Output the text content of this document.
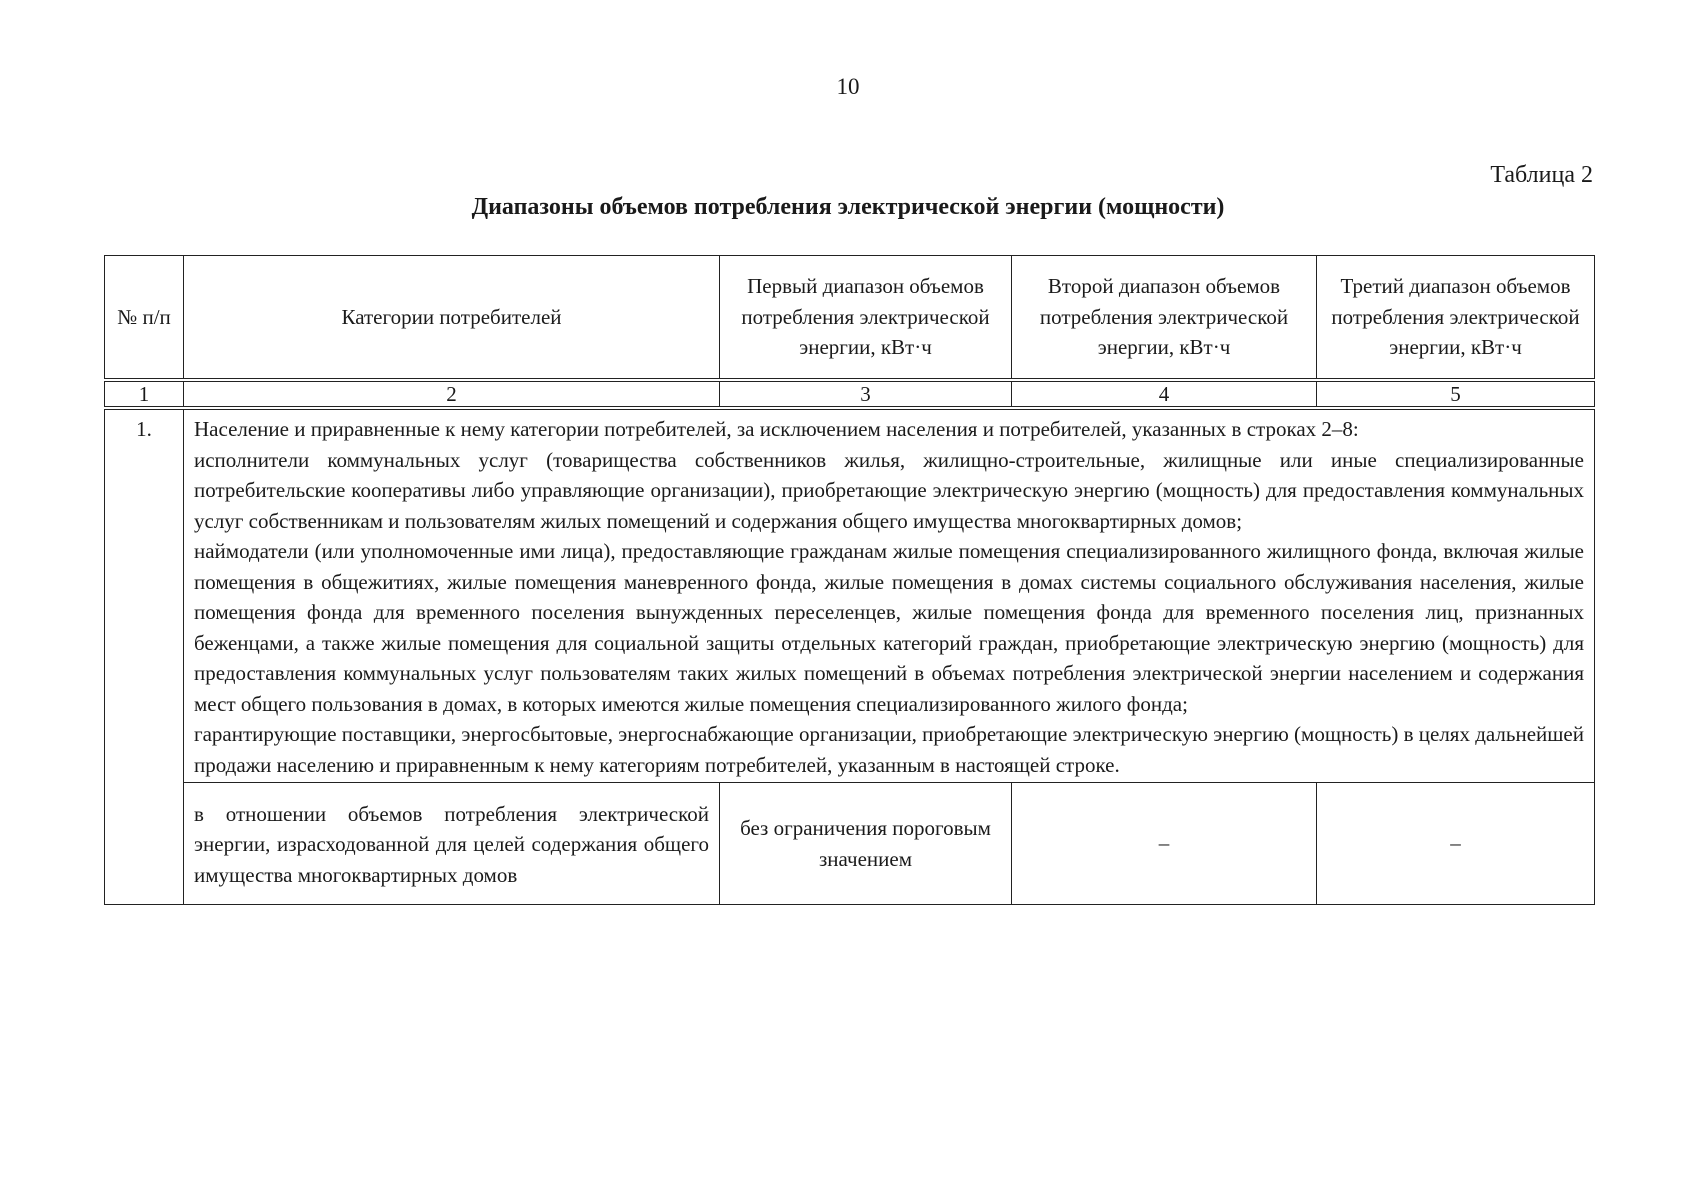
10
Таблица 2
Диапазоны объемов потребления электрической энергии (мощности)
№ п/п	Категории потребителей	Первый диапазон объемов потребления электрической энергии, кВт·ч	Второй диапазон объемов потребления электрической энергии, кВт·ч	Третий диапазон объемов потребления электрической энергии, кВт·ч
1	2	3	4	5
1.	Население и приравненные к нему категории потребителей, за исключением населения и потребителей, указанных в строках 2–8:

исполнители коммунальных услуг (товарищества собственников жилья, жилищно-строительные, жилищные или иные специализированные потребительские кооперативы либо управляющие организации), приобретающие электрическую энергию (мощность) для предоставления коммунальных услуг собственникам и пользователям жилых помещений и содержания общего имущества многоквартирных домов;

наймодатели (или уполномоченные ими лица), предоставляющие гражданам жилые помещения специализированного жилищного фонда, включая жилые помещения в общежитиях, жилые помещения маневренного фонда, жилые помещения в домах системы социального обслуживания населения, жилые помещения фонда для временного поселения вынужденных переселенцев, жилые помещения фонда для временного поселения лиц, признанных беженцами, а также жилые помещения для социальной защиты отдельных категорий граждан, приобретающие электрическую энергию (мощность) для предоставления коммунальных услуг пользователям таких жилых помещений в объемах потребления электрической энергии населением и содержания мест общего пользования в домах, в которых имеются жилые помещения специализированного жилого фонда;

гарантирующие поставщики, энергосбытовые, энергоснабжающие организации, приобретающие электрическую энергию (мощность) в целях дальнейшей продажи населению и приравненным к нему категориям потребителей, указанным в настоящей строке.			

	в отношении объемов потребления электрической энергии, израсходованной для целей содержания общего имущества многоквартирных домов	без ограничения пороговым значением	–	–
